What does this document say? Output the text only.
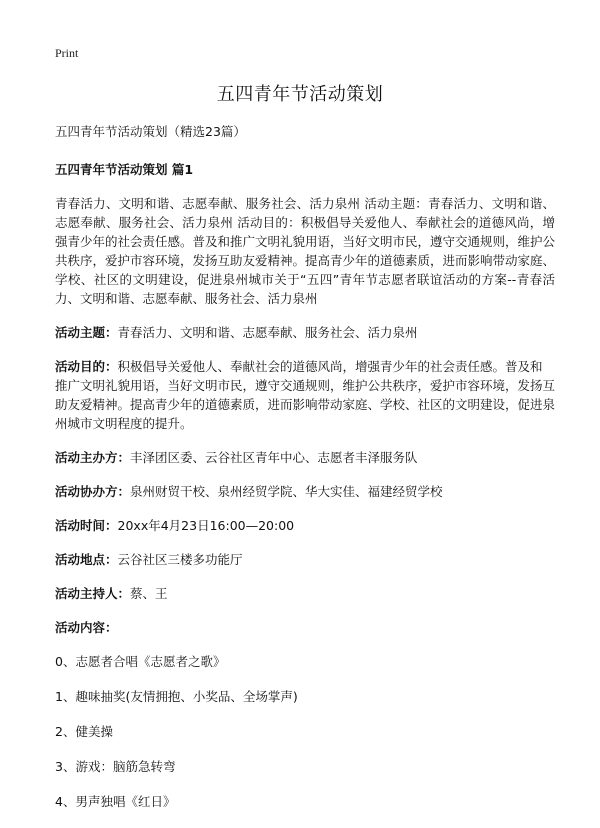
Print
五四青年节活动策划
五四青年节活动策划（精选23篇）
五四青年节活动策划 篇1

青春活力、文明和谐、志愿奉献、服务社会、活力泉州 活动主题：青春活力、文明和谐、志愿奉献、服务社会、活力泉州 活动目的：积极倡导关爱他人、奉献社会的道德风尚，增强青少年的社会责任感。普及和推广文明礼貌用语，当好文明市民，遵守交通规则，维护公共秩序，爱护市容环境，发扬互助友爱精神。提高青少年的道德素质，进而影响带动家庭、学校、社区的文明建设，促进泉州城市关于“五四”青年节志愿者联谊活动的方案--青春活力、文明和谐、志愿奉献、服务社会、活力泉州

活动主题：青春活力、文明和谐、志愿奉献、服务社会、活力泉州

活动目的：积极倡导关爱他人、奉献社会的道德风尚，增强青少年的社会责任感。普及和推广文明礼貌用语，当好文明市民，遵守交通规则，维护公共秩序，爱护市容环境，发扬互助友爱精神。提高青少年的道德素质，进而影响带动家庭、学校、社区的文明建设，促进泉州城市文明程度的提升。

活动主办方：丰泽团区委、云谷社区青年中心、志愿者丰泽服务队

活动协办方：泉州财贸干校、泉州经贸学院、华大实佳、福建经贸学校

活动时间：20xx年4月23日16:00—20:00

活动地点：云谷社区三楼多功能厅

活动主持人：蔡、王

活动内容：

0、志愿者合唱《志愿者之歌》

1、趣味抽奖(友情拥抱、小奖品、全场掌声)

2、健美操

3、游戏：脑筋急转弯

4、男声独唱《红日》
